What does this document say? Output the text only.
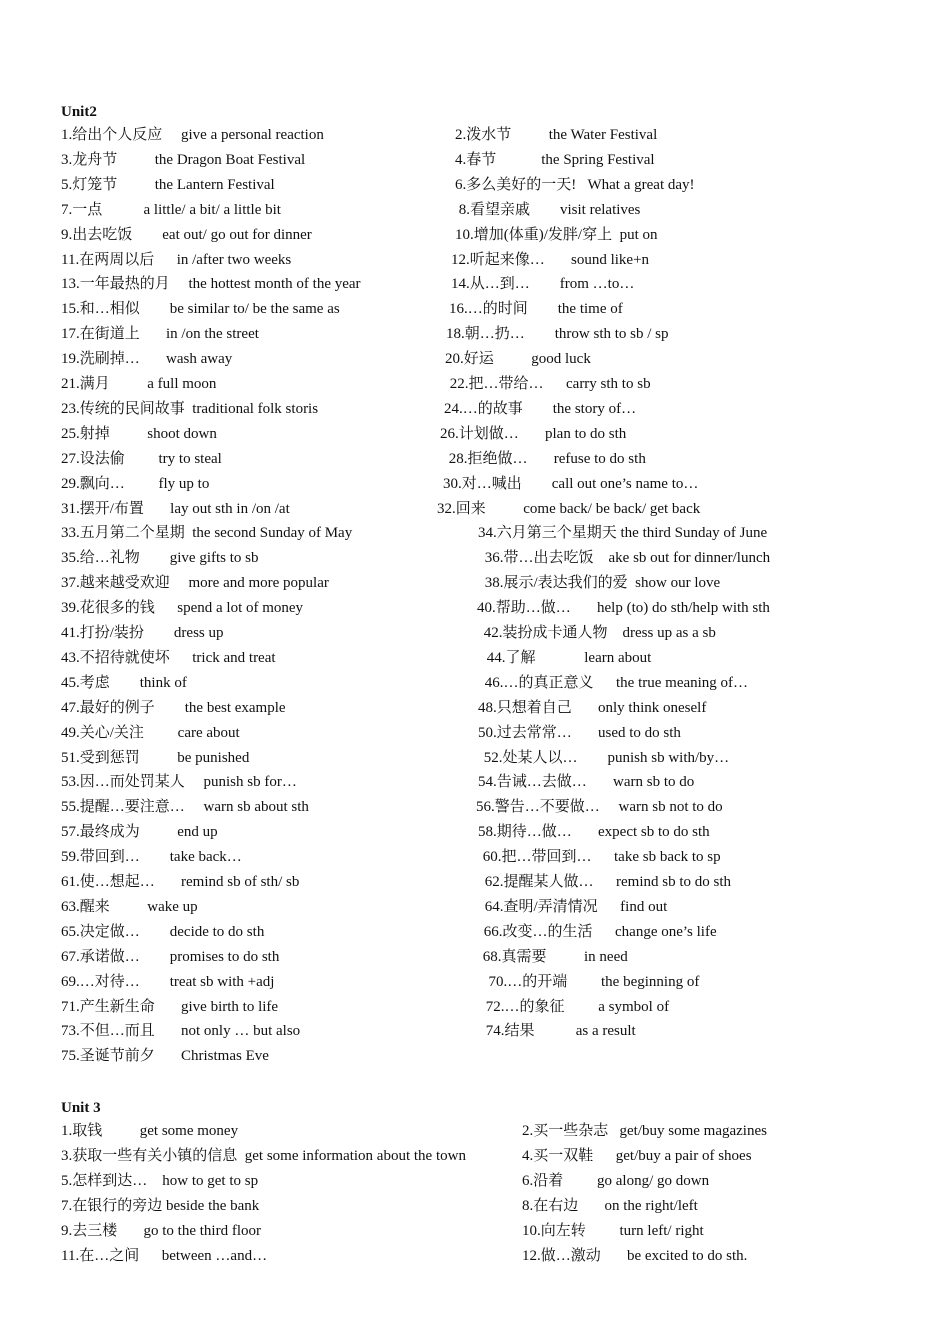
Unit2
1.给出个人反应     give a personal reaction	2.泼水节          the Water Festival
3.龙舟节          the Dragon Boat Festival	4.春节            the Spring Festival
5.灯笼节          the Lantern Festival	6.多么美好的一天!   What a great day!
7.一点           a little/ a bit/ a little bit	8.看望亲戚        visit relatives
9.出去吃饭        eat out/ go out for dinner	10.增加(体重)/发胖/穿上  put on
11.在两周以后      in /after two weeks	12.听起来像…       sound like+n
13.一年最热的月     the hottest month of the year	14.从…到…        from …to…
15.和…相似        be similar to/ be the same as	16.…的时间        the time of
17.在街道上       in /on the street	18.朝…扔…        throw sth to sb / sp
19.洗刷掉…       wash away	20.好运          good luck
21.满月          a full moon	22.把…带给…      carry sth to sb
23.传统的民间故事  traditional folk storis	24.…的故事        the story of…
25.射掉          shoot down	26.计划做…       plan to do sth
27.设法偷         try to steal	28.拒绝做…       refuse to do sth
29.飘向…         fly up to	30.对…喊出        call out one’s name to…
31.摆开/布置       lay out sth in /on /at	32.回来          come back/ be back/ get back
33.五月第二个星期  the second Sunday of May	34.六月第三个星期天 the third Sunday of June
35.给…礼物        give gifts to sb	36.带…出去吃饭    ake sb out for dinner/lunch
37.越来越受欢迎     more and more popular	38.展示/表达我们的爱  show our love
39.花很多的钱      spend a lot of money	40.帮助…做…       help (to) do sth/help with sth
41.打扮/装扮        dress up	42.装扮成卡通人物    dress up as a sb
43.不招待就使坏      trick and treat	44.了解             learn about
45.考虑        think of	46.…的真正意义      the true meaning of…
47.最好的例子        the best example	48.只想着自己       only think oneself
49.关心/关注         care about	50.过去常常…       used to do sth
51.受到惩罚          be punished	52.处某人以…        punish sb with/by…
53.因…而处罚某人     punish sb for…	54.告诫…去做…       warn sb to do
55.提醒…要注意…     warn sb about sth	56.警告…不要做…     warn sb not to do
57.最终成为          end up	58.期待…做…       expect sb to do sth
59.带回到…        take back…	60.把…带回到…      take sb back to sp
61.使…想起…       remind sb of sth/ sb	62.提醒某人做…      remind sb to do sth
63.醒来          wake up	64.查明/弄清情况      find out
65.决定做…        decide to do sth	66.改变…的生活      change one’s life
67.承诺做…        promises to do sth	68.真需要          in need
69.…对待…        treat sb with +adj	70.…的开端         the beginning of
71.产生新生命       give birth to life	72.…的象征         a symbol of
73.不但…而且       not only … but also	74.结果           as a result
75.圣诞节前夕       Christmas Eve
Unit 3
1.取钱          get some money	2.买一些杂志   get/buy some magazines
3.获取一些有关小镇的信息  get some information about the town	4.买一双鞋      get/buy a pair of shoes
5.怎样到达…    how to get to sp	6.沿着         go along/ go down
7.在银行的旁边 beside the bank	8.在右边       on the right/left
9.去三楼       go to the third floor	10.向左转         turn left/ right
11.在…之间      between …and…	12.做…激动       be excited to do sth.
